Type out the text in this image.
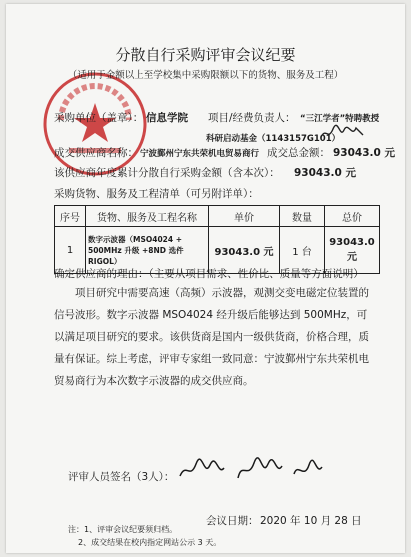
分散自行采购评审会议纪要
（适用于金额以上至学校集中采购限额以下的货物、服务及工程）
采购单位（盖章）： 信息学院 项目/经费负责人： “三江学者”特聘教授
科研启动基金（1143157G101）
成交供应商名称： 宁波鄞州宁东共荣机电贸易商行 成交总金额： 93043.0 元
该供应商年度累计分散自行采购金额（含本次）： 93043.0 元
采购货物、服务及工程清单（可另附详单）：
序号	货物、服务及工程名称	单价	数量	总价
1	数字示波器（MSO4024 + 500MHz 升级 +8ND 选件 RIGOL）	93043.0 元	1 台	93043.0 元
确定供应商的理由：（主要从项目需求、性价比、质量等方面说明）
项目研究中需要高速（高频）示波器，观测交变电磁定位装置的信号波形。数字示波器 MSO4024 经升级后能够达到 500MHz，可以满足项目研究的要求。该供货商是国内一级供货商，价格合理，质量有保证。综上考虑，评审专家组一致同意：宁波鄞州宁东共荣机电贸易商行为本次数字示波器的成交供应商。
评审人员签名（3人）：
会议日期： 2020 年 10 月 28 日
注：1、评审会议纪要须归档。
2、成交结果在校内指定网站公示 3 天。
